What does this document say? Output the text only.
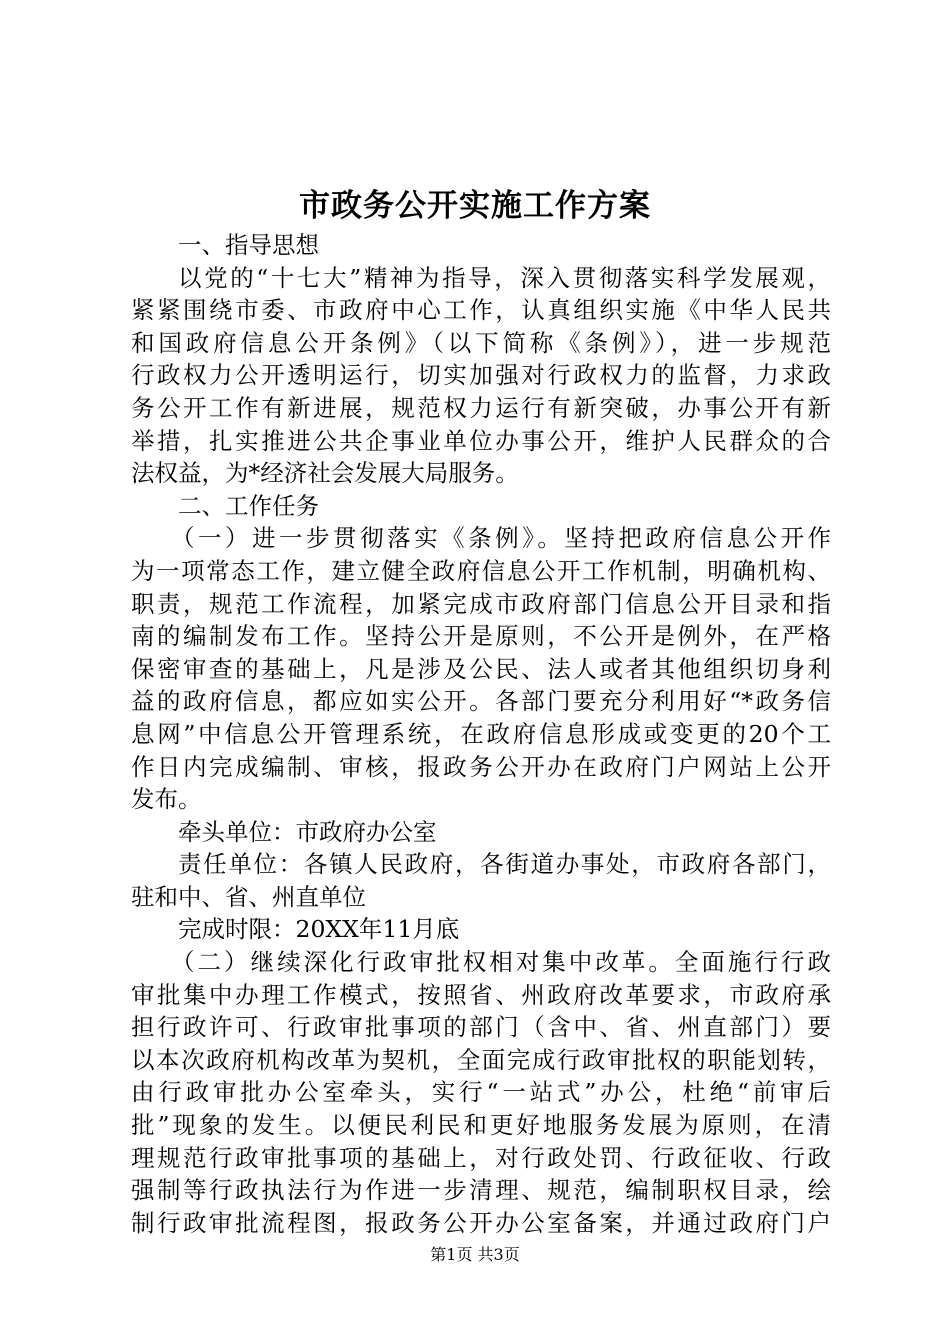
市政务公开实施工作方案
一、指导思想
以党的“十七大”精神为指导，深入贯彻落实科学发展观，
紧紧围绕市委、市政府中心工作，认真组织实施《中华人民共
和国政府信息公开条例》（以下简称《条例》），进一步规范
行政权力公开透明运行，切实加强对行政权力的监督，力求政
务公开工作有新进展，规范权力运行有新突破，办事公开有新
举措，扎实推进公共企事业单位办事公开，维护人民群众的合
法权益，为*经济社会发展大局服务。
二、工作任务
（一）进一步贯彻落实《条例》。坚持把政府信息公开作
为一项常态工作，建立健全政府信息公开工作机制，明确机构、
职责，规范工作流程，加紧完成市政府部门信息公开目录和指
南的编制发布工作。坚持公开是原则，不公开是例外，在严格
保密审查的基础上，凡是涉及公民、法人或者其他组织切身利
益的政府信息，都应如实公开。各部门要充分利用好“*政务信
息网”中信息公开管理系统，在政府信息形成或变更的20个工
作日内完成编制、审核，报政务公开办在政府门户网站上公开
发布。
牵头单位：市政府办公室
责任单位：各镇人民政府，各街道办事处，市政府各部门，
驻和中、省、州直单位
完成时限：20XX年11月底
（二）继续深化行政审批权相对集中改革。全面施行行政
审批集中办理工作模式，按照省、州政府改革要求，市政府承
担行政许可、行政审批事项的部门（含中、省、州直部门）要
以本次政府机构改革为契机，全面完成行政审批权的职能划转，
由行政审批办公室牵头，实行“一站式”办公，杜绝“前审后
批”现象的发生。以便民利民和更好地服务发展为原则，在清
理规范行政审批事项的基础上，对行政处罚、行政征收、行政
强制等行政执法行为作进一步清理、规范，编制职权目录，绘
制行政审批流程图，报政务公开办公室备案，并通过政府门户
第1页 共3页
